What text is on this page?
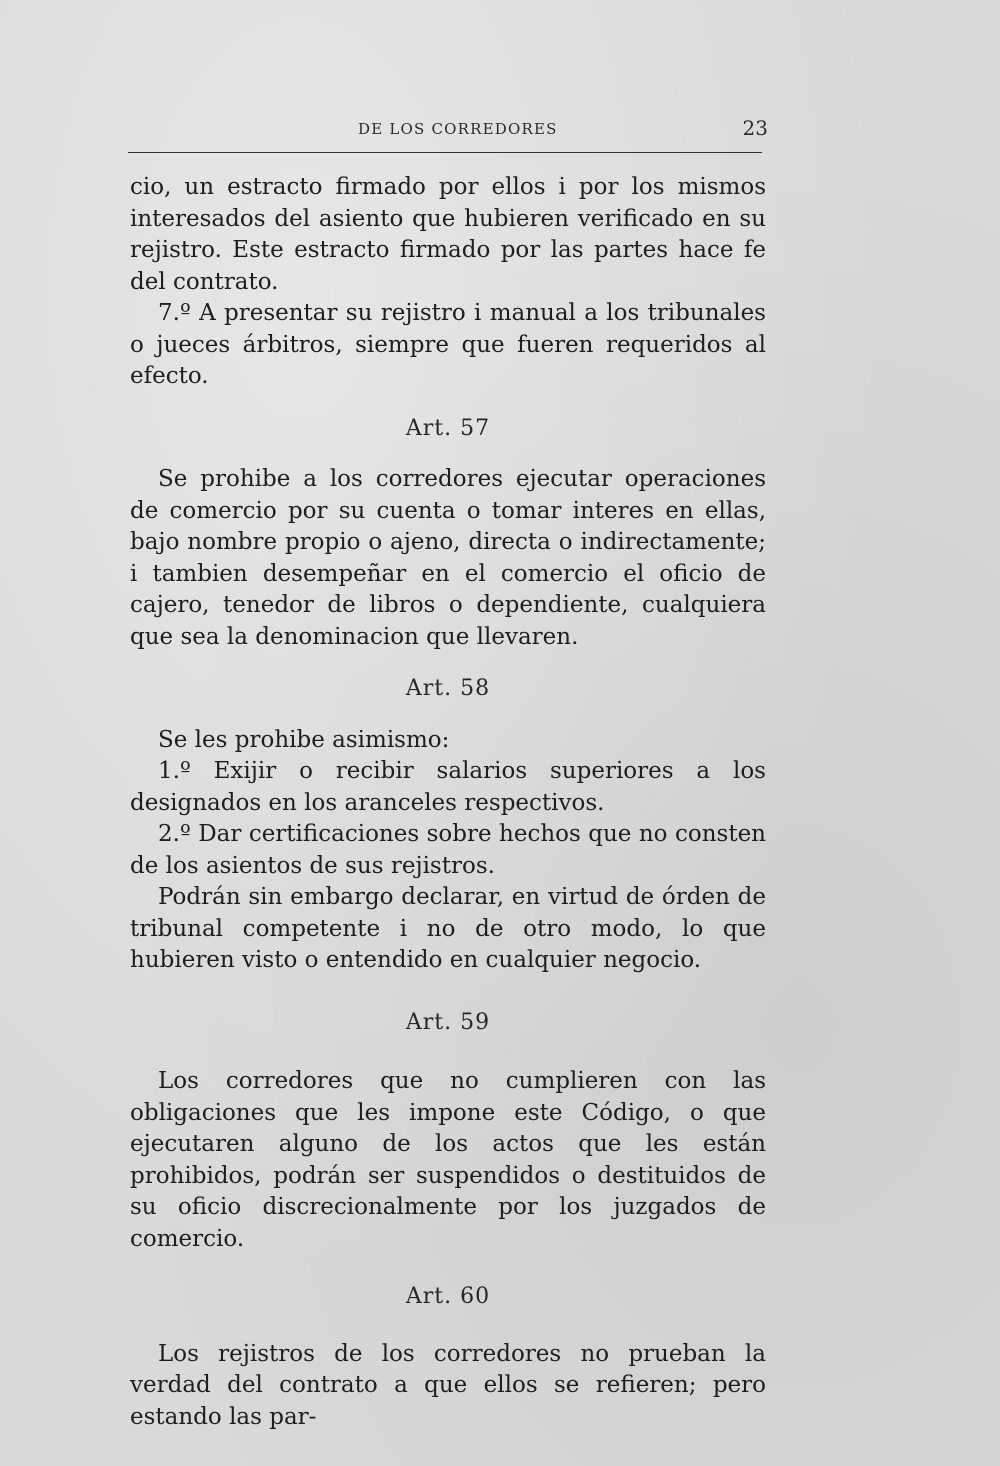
DE LOS CORREDORES	23

cio, un estracto firmado por ellos i por los mismos interesados del asiento que hubieren verificado en su rejistro. Este estracto firmado por las partes hace fe del contrato.

7.º A presentar su rejistro i manual a los tribunales o jueces árbitros, siempre que fueren requeridos al efecto.

Art. 57

Se prohibe a los corredores ejecutar operaciones de comercio por su cuenta o tomar interes en ellas, bajo nombre propio o ajeno, directa o indirectamente; i tambien desempeñar en el comercio el oficio de cajero, tenedor de libros o dependiente, cualquiera que sea la denominacion que llevaren.

Art. 58

Se les prohibe asimismo:

1.º Exijir o recibir salarios superiores a los designados en los aranceles respectivos.

2.º Dar certificaciones sobre hechos que no consten de los asientos de sus rejistros.

Podrán sin embargo declarar, en virtud de órden de tribunal competente i no de otro modo, lo que hubieren visto o entendido en cualquier negocio.

Art. 59

Los corredores que no cumplieren con las obligaciones que les impone este Código, o que ejecutaren alguno de los actos que les están prohibidos, podrán ser suspendidos o destituidos de su oficio discrecionalmente por los juzgados de comercio.

Art. 60

Los rejistros de los corredores no prueban la verdad del contrato a que ellos se refieren; pero estando las par-
